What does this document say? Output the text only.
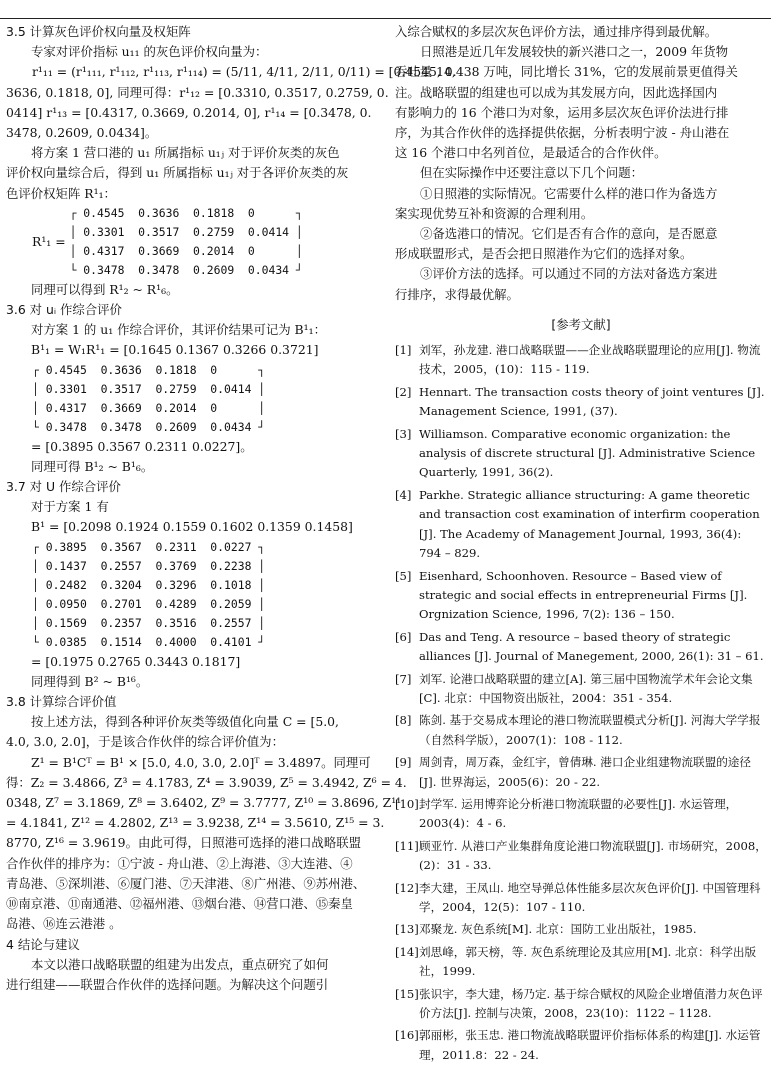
3.5 计算灰色评价权向量及权矩阵
专家对评价指标 u₁₁ 的灰色评价权向量为：
r¹₁₁ = (r¹₁₁₁, r¹₁₁₂, r¹₁₁₃, r¹₁₁₄) = (5/11, 4/11, 2/11, 0/11) = [0.4545, 0.
3636, 0.1818, 0], 同理可得：r¹₁₂ = [0.3310, 0.3517, 0.2759, 0.
0414] r¹₁₃ = [0.4317, 0.3669, 0.2014, 0], r¹₁₄ = [0.3478, 0.
3478, 0.2609, 0.0434]。
将方案 1 营口港的 u₁ 所属指标 u₁ⱼ 对于评价灰类的灰色
评价权向量综合后，得到 u₁ 所属指标 u₁ⱼ 对于各评价灰类的灰
色评价权矩阵 R¹₁：
R¹₁ =
┌ 0.4545  0.3636  0.1818  0      ┐
│ 0.3301  0.3517  0.2759  0.0414 │
│ 0.4317  0.3669  0.2014  0      │
└ 0.3478  0.3478  0.2609  0.0434 ┘
同理可以得到 R¹₂ ~ R¹₆。
3.6 对 uᵢ 作综合评价
对方案 1 的 u₁ 作综合评价，其评价结果可记为 B¹₁：
B¹₁ = W₁R¹₁ = [0.1645 0.1367 0.3266 0.3721]
┌ 0.4545  0.3636  0.1818  0      ┐
│ 0.3301  0.3517  0.2759  0.0414 │
│ 0.4317  0.3669  0.2014  0      │
└ 0.3478  0.3478  0.2609  0.0434 ┘
= [0.3895 0.3567 0.2311 0.0227]。
同理可得 B¹₂ ~ B¹₆。
3.7 对 U 作综合评价
对于方案 1 有
B¹ = [0.2098 0.1924 0.1559 0.1602 0.1359 0.1458]
┌ 0.3895  0.3567  0.2311  0.0227 ┐
│ 0.1437  0.2557  0.3769  0.2238 │
│ 0.2482  0.3204  0.3296  0.1018 │
│ 0.0950  0.2701  0.4289  0.2059 │
│ 0.1569  0.2357  0.3516  0.2557 │
└ 0.0385  0.1514  0.4000  0.4101 ┘
= [0.1975 0.2765 0.3443 0.1817]
同理得到 B² ~ B¹⁶。
3.8 计算综合评价值
按上述方法，得到各种评价灰类等级值化向量 C = [5.0,
4.0, 3.0, 2.0]，于是该合作伙伴的综合评价值为：
Z¹ = B¹Cᵀ = B¹ × [5.0, 4.0, 3.0, 2.0]ᵀ = 3.4897。同理可
得：Z₂ = 3.4866, Z³ = 4.1783, Z⁴ = 3.9039, Z⁵ = 3.4942, Z⁶ = 4.
0348, Z⁷ = 3.1869, Z⁸ = 3.6402, Z⁹ = 3.7777, Z¹⁰ = 3.8696, Z¹¹
= 4.1841, Z¹² = 4.2802, Z¹³ = 3.9238, Z¹⁴ = 3.5610, Z¹⁵ = 3.
8770, Z¹⁶ = 3.9619。由此可得，日照港可选择的港口战略联盟
合作伙伴的排序为：①宁波 - 舟山港、②上海港、③大连港、④
青岛港、⑤深圳港、⑥厦门港、⑦天津港、⑧广州港、⑨苏州港、
⑩南京港、⑪南通港、⑫福州港、⑬烟台港、⑭营口港、⑮秦皇
岛港、⑯连云港港 。
4 结论与建议
本文以港口战略联盟的组建为出发点，重点研究了如何
进行组建——联盟合作伙伴的选择问题。为解决这个问题引
入综合赋权的多层次灰色评价方法，通过排序得到最优解。
日照港是近几年发展较快的新兴港口之一，2009 年货物
吞吐量 14,438 万吨，同比增长 31%，它的发展前景更值得关
注。战略联盟的组建也可以成为其发展方向，因此选择国内
有影响力的 16 个港口为对象，运用多层次灰色评价法进行排
序，为其合作伙伴的选择提供依据，分析表明宁波 - 舟山港在
这 16 个港口中名列首位，是最适合的合作伙伴。
但在实际操作中还要注意以下几个问题：
①日照港的实际情况。它需要什么样的港口作为备选方
案实现优势互补和资源的合理利用。
②备选港口的情况。它们是否有合作的意向，是否愿意
形成联盟形式，是否会把日照港作为它们的选择对象。
③评价方法的选择。可以通过不同的方法对备选方案进
行排序，求得最优解。
[参考文献]
[1] 刘军，孙龙建. 港口战略联盟——企业战略联盟理论的应用[J]. 物流技术，2005，(10)：115 - 119.
[2] Hennart. The transaction costs theory of joint ventures [J]. Management Science, 1991, (37).
[3] Williamson. Comparative economic organization: the analysis of discrete structural [J]. Administrative Science Quarterly, 1991, 36(2).
[4] Parkhe. Strategic alliance structuring: A game theoretic and transaction cost examination of interfirm cooperation [J]. The Academy of Management Journal, 1993, 36(4): 794 – 829.
[5] Eisenhard, Schoonhoven. Resource – Based view of strategic and social effects in entrepreneurial Firms [J]. Orgnization Science, 1996, 7(2): 136 – 150.
[6] Das and Teng. A resource – based theory of strategic alliances [J]. Journal of Manegement, 2000, 26(1): 31 – 61.
[7] 刘军. 论港口战略联盟的建立[A]. 第三届中国物流学术年会论文集[C]. 北京：中国物资出版社，2004：351 - 354.
[8] 陈剑. 基于交易成本理论的港口物流联盟模式分析[J]. 河海大学学报（自然科学版），2007(1)：108 - 112.
[9] 周剑青，周万森，金红宇，曾倩琳. 港口企业组建物流联盟的途径[J]. 世界海运，2005(6)：20 - 22.
[10] 封学军. 运用博弈论分析港口物流联盟的必要性[J]. 水运管理，2003(4)：4 - 6.
[11] 顾亚竹. 从港口产业集群角度论港口物流联盟[J]. 市场研究，2008，(2)：31 - 33.
[12] 李大建，王凤山. 地空导弹总体性能多层次灰色评价[J]. 中国管理科学，2004，12(5)：107 - 110.
[13] 邓聚龙. 灰色系统[M]. 北京：国防工业出版社，1985.
[14] 刘思峰，郭天榜，等. 灰色系统理论及其应用[M]. 北京：科学出版社，1999.
[15] 张识宇，李大建，杨乃定. 基于综合赋权的风险企业增值潜力灰色评价方法[J]. 控制与决策，2008，23(10)：1122 – 1128.
[16] 郭丽彬，张玉忠. 港口物流战略联盟评价指标体系的构建[J]. 水运管理，2011.8：22 - 24.
